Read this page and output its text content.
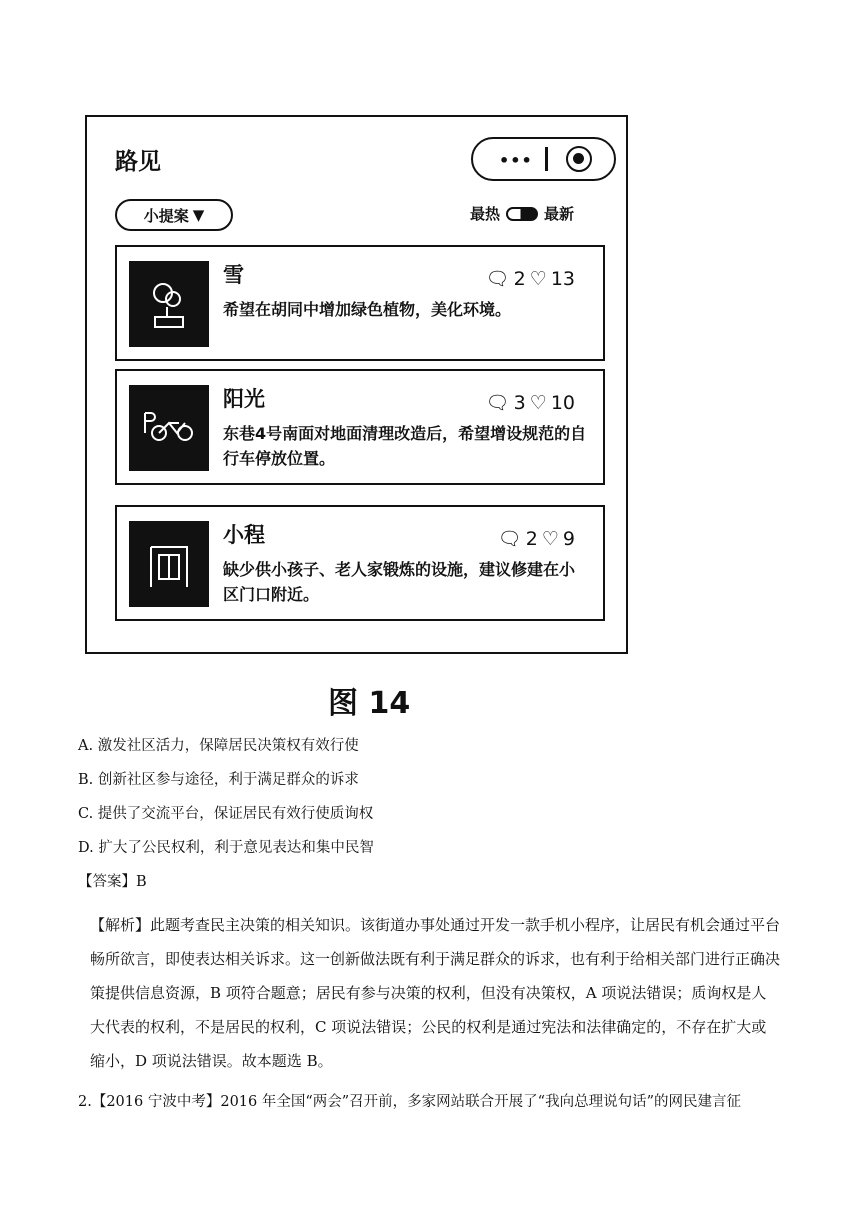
路见	•••
小提案 ▼	最热	最新
雪	🗨 2 ♡ 13
希望在胡同中增加绿色植物，美化环境。
阳光	🗨 3 ♡ 10
东巷4号南面对地面清理改造后，希望增设规范的自行车停放位置。
小程	🗨 2 ♡ 9
缺少供小孩子、老人家锻炼的设施，建议修建在小区门口附近。
图 14
A. 激发社区活力，保障居民决策权有效行使
B. 创新社区参与途径，利于满足群众的诉求
C. 提供了交流平台，保证居民有效行使质询权
D. 扩大了公民权利，利于意见表达和集中民智
【答案】B
【解析】此题考查民主决策的相关知识。该街道办事处通过开发一款手机小程序，让居民有机会通过平台畅所欲言，即使表达相关诉求。这一创新做法既有利于满足群众的诉求，也有利于给相关部门进行正确决策提供信息资源，B 项符合题意；居民有参与决策的权利，但没有决策权，A 项说法错误；质询权是人大代表的权利，不是居民的权利，C 项说法错误；公民的权利是通过宪法和法律确定的，不存在扩大或缩小，D 项说法错误。故本题选 B。
2.【2016 宁波中考】2016 年全国“两会”召开前，多家网站联合开展了“我向总理说句话”的网民建言征
